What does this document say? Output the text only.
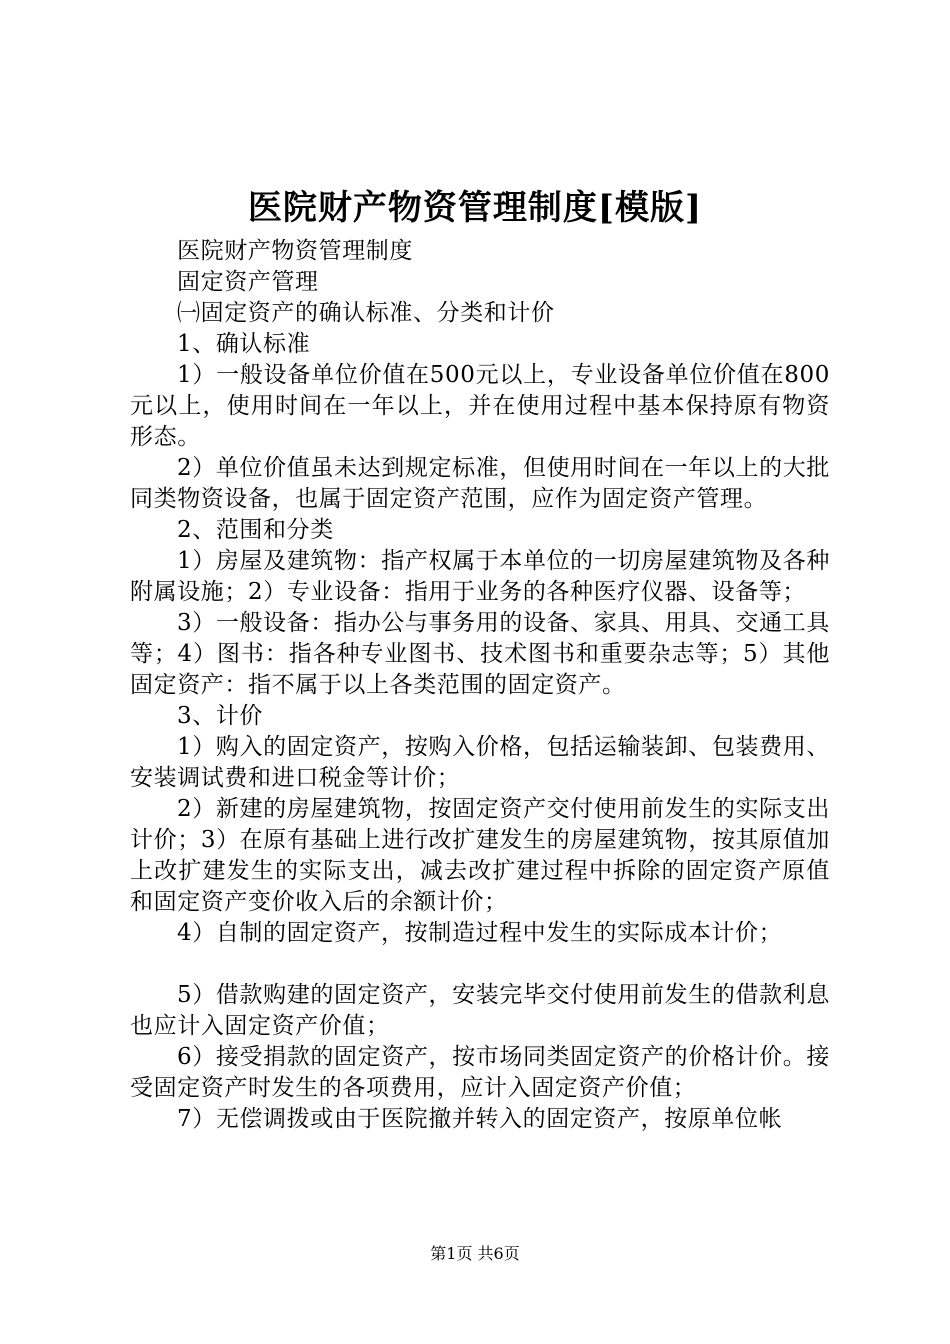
医院财产物资管理制度[模版]

医院财产物资管理制度

固定资产管理

㈠固定资产的确认标准、分类和计价

1、确认标准

1）一般设备单位价值在500元以上，专业设备单位价值在800元以上，使用时间在一年以上，并在使用过程中基本保持原有物资形态。

2）单位价值虽未达到规定标准，但使用时间在一年以上的大批同类物资设备，也属于固定资产范围，应作为固定资产管理。

2、范围和分类

1）房屋及建筑物：指产权属于本单位的一切房屋建筑物及各种附属设施；2）专业设备：指用于业务的各种医疗仪器、设备等；

3）一般设备：指办公与事务用的设备、家具、用具、交通工具等；4）图书：指各种专业图书、技术图书和重要杂志等；5）其他固定资产：指不属于以上各类范围的固定资产。

3、计价

1）购入的固定资产，按购入价格，包括运输装卸、包装费用、安装调试费和进口税金等计价；

2）新建的房屋建筑物，按固定资产交付使用前发生的实际支出计价；3）在原有基础上进行改扩建发生的房屋建筑物，按其原值加上改扩建发生的实际支出，减去改扩建过程中拆除的固定资产原值和固定资产变价收入后的余额计价；

4）自制的固定资产，按制造过程中发生的实际成本计价；

5）借款购建的固定资产，安装完毕交付使用前发生的借款利息也应计入固定资产价值；

6）接受捐款的固定资产，按市场同类固定资产的价格计价。接受固定资产时发生的各项费用，应计入固定资产价值；

7）无偿调拨或由于医院撤并转入的固定资产，按原单位帐

第1页 共6页
